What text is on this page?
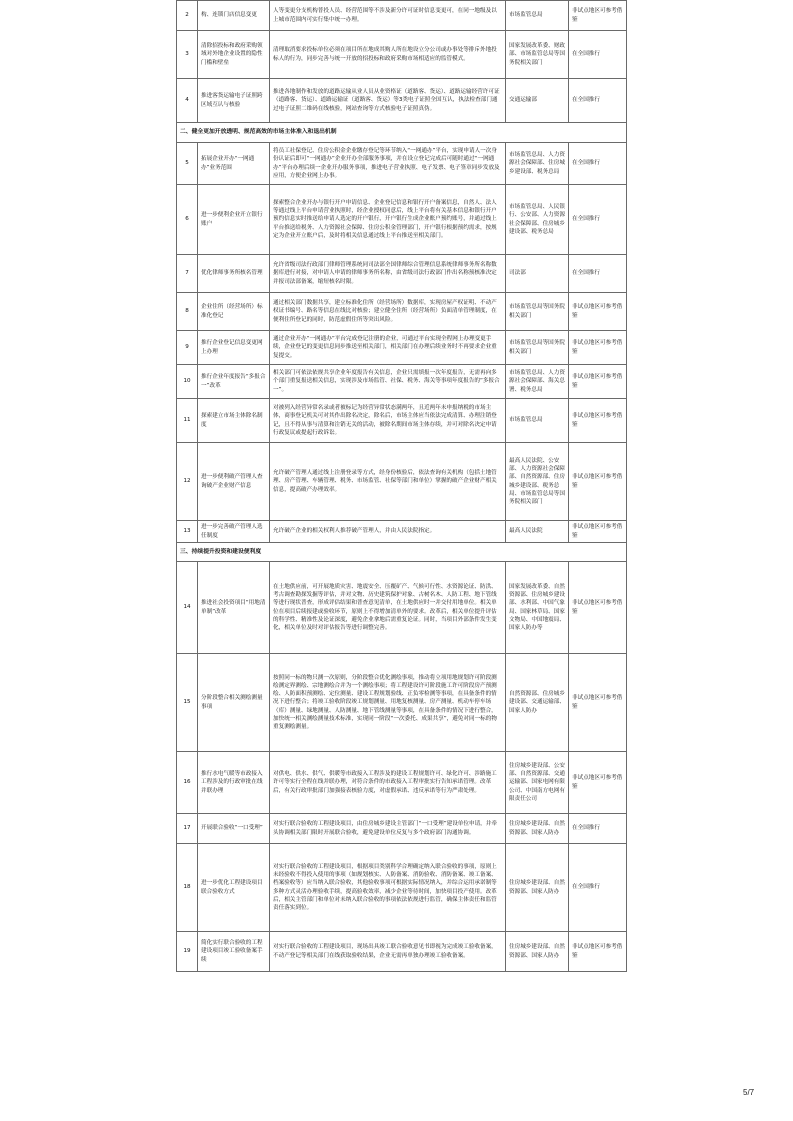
2	构、连锁门店信息变更	人等变更分支机构普投人员、经营范围等不涉及新分许可证时信息变更可，在同一地级及以上城市范围内可实行集中统一办理。	市场监管总局	非试点地区可参考借鉴
3	清除招投标和政府采购领域对外地企业设置的隐性门槛和壁垒	清理取消要求投标单位必须在项目所在地成其购人所在地设立分公司或办事处等排斥外地投标人的行为，同步完善与统一开放的招投标和政府采购市场相适应的监管模式。	国家发展改革委、财政部、市场监管总局等国务院相关部门	在全国推行
4	推进客货运输电子证照跨区域互认与核验	推进各地制作和发放的道路运输从业人员从业资格证（道路客、货运）、道路运输经营许可证（道路客、货运）、道路运输证（道路客、货运）等3类电子证照全国互认，执法检查部门通过电子证照二维码在线核验，网站查询等方式核验电子证照真伪。	交通运输部	在全国推行
二、健全更加开放透明、规范高效的市场主体准入和退出机制				
5	拓展企业开办“一网通办”业务范围	将员工社保登记、住房公积金企业缴存登记等环节纳入“一网通办”平台，实现申请人一次身份认证后即可“一网通办”企业开办全部服务事项，并在设立登记完成后可随时通过“一网通办”平台办理后续一企业开办服务事项，推进电子营业执照、电子发票、电子签章同步发放及应用，方便企业网上办事。	市场监管总局、人力资源社会保障部、住房城乡建设部、税务总局	在全国推行
6	进一步便利企业开立银行账户	探索整合企业开办与银行开户申请信息、企业登记信息和银行开户备案信息，自然人、法人等通过线上平台申请营业执照时，经企业授权同意后，线上平台将有关基本信息和银行开户预约信息实时推送给申请人选定的开户银行，开户银行生成企业账户预约账号，并通过线上平台推送给税务、人力资源社会保障、住房公积金管理部门，开户银行根据预约需求，按规定为企业开立账户后，及时将相关信息通过线上平台推送至相关部门。	市场监管总局、人民银行、公安部、人力资源社会保障部、住房城乡建设部、税务总局	在全国推行
7	优化律师事务所核名管理	允许省级司法行政部门律师管理系统同司法部全国律师综合管理信息系统律师事务所名称数据库进行对接，对申请人申请的律师事务所名称，由省级司法行政部门作出名称预核准决定并报司法部备案，缩短核名时限。	司法部	在全国推行
8	企业住所（经营场所）标准化登记	通过相关部门数据共享，建立标准化住所（经营场所）数据库，实现房屋产权证明、不动产权证书编号、路名等信息在线比对核验；建立健全住所（经营场所）负面清单管理制度，在便利住所登记的同时，防范虚假住所等突出风险。	市场监管总局等国务院相关部门	非试点地区可参考借鉴
9	推行企业登记信息变更网上办理	通过企业开办“一网通办”平台完成登记注册的企业，可通过平台实现全程网上办理变更手续，企业登记的变更信息同步推送至相关部门，相关部门在办理后续业务时不再要求企业重复提交。	市场监管总局等国务院相关部门	非试点地区可参考借鉴
10	推行企业年度报告“多报合一”改革	相关部门可依法依规共享企业年度报告有关信息，企业只需填报一次年度报告，无需再向多个部门重复报送相关信息，实现涉及市场监管、社保、税务、海关等事项年度报告的“多报合一”。	市场监管总局、人力资源社会保障部、海关总署、税务总局	非试点地区可参考借鉴
11	探索建立市场主体除名制度	对被列入经营异常名录或者被标记为经营异常状态满两年，且近两年未申报纳税的市场主体，商事登记机关可对其作出除名决定，除名后，市场主体应当依法完成清算、办理注销登记，且不得从事与清算和注销无关的活动，被除名期间市场主体存续，并可对除名决定申请行政复议或提起行政诉讼。	市场监管总局	非试点地区可参考借鉴
12	进一步便利破产管理人查询破产企业财产信息	允许破产管理人通过线上注册登录等方式，经身份核验后，依法查询有关机构（包括土地管理、房产管理、车辆管理、税务、市场监管、社保等部门和单位）掌握的破产企业财产相关信息，提高破产办理效率。	最高人民法院、公安部、人力资源社会保障部、自然资源部、住房城乡建设部、税务总局、市场监管总局等国务院相关部门	非试点地区可参考借鉴
13	进一步完善破产管理人选任制度	允许破产企业的相关权利人推荐破产管理人，并由人民法院指定。	最高人民法院	非试点地区可参考借鉴
三、持续提升投资和建设便利度				
14	推进社会投资项目“用地清单制”改革	在土地供应前，可开展地质灾害、地震安全、压覆矿产、气候可行性、水资源论证、防洪、考古调查勘探发掘等评估，并对文物、历史建筑保护对象、古树名木、人防工程、地下管线等进行现状普查，形成评估结果和普查意见清单，在土地供应时一并交付用地单位。相关单位在项目后续报建或验收环节，原则上不得增加清单外的要求。改革后，相关单位提升评估的科学性、精准性及论证深度，避免企业拿地后需重复论证。同时，当项目外部条件发生变化，相关单位及时对评估报告等进行调整完善。	国家发展改革委、自然资源部、住房城乡建设部、水利部、中国气象局、国家林草局、国家文物局、中国地震局、国家人防办等	非试点地区可参考借鉴
15	分阶段整合相关测绘测量事项	按照同一标的物只测一次原则，分阶段整合优化测绘事项，推动将立项用地规划许可阶段测绘测定界测绘、宗地测绘合并为一个测绘事项；将工程建设许可阶段施工许可阶段房产预测绘、人防面积预测绘、定位测量、建设工程规划验线、正负零检测等事项，在具备条件的情况下进行整合；将竣工验收阶段竣工规划测量、用地复核测量、房产测量、机动车停车场（库）测量、绿地测量、人防测量、地下管线测量等事项，在具备条件的情况下进行整合，加快统一相关测绘测量技术标准，实现同一阶段“一次委托、成果共享”，避免对同一标的物重复测绘测量。	自然资源部、住房城乡建设部、交通运输部、国家人防办	非试点地区可参考借鉴
16	推行水电气暖等市政接入工程涉及的行政审批在线并联办理	对供电、供水、供气、供暖等市政接入工程涉及的建设工程规划许可、绿化许可、涉路施工许可等实行全程在线并联办理，对符合条件的市政接入工程审批实行告知承诺管理。改革后，有关行政审批部门加强接表核验力度，对虚假承诺、违反承诺等行为严肃处理。	住房城乡建设部、公安部、自然资源部、交通运输部、国家电网有限公司、中国南方电网有限责任公司	非试点地区可参考借鉴
17	开展联合验收“一口受理”	对实行联合验收的工程建设项目，由住房城乡建设主管部门“一口受理”建设单位申请，并牵头协调相关部门限时开展联合验收，避免建设单位反复与多个政府部门沟通协调。	住房城乡建设部、自然资源部、国家人防办	在全国推行
18	进一步优化工程建设项目联合验收方式	对实行联合验收的工程建设项目，根据项目类别科学合理确定纳入联合验收的事项，原则上未经验收不得投入使用的事项（如规划核实、人防备案、消防验收、消防备案、竣工备案、档案验收等）应当纳入联合验收，其他验收事项可根据实际情况纳入，并综合运用承诺制等多种方式灵活办理验收手续，提高验收效率，减少企业等待时间，加快项目投产使用。改革后，相关主管部门和单位对未纳入联合验收的事项依法依规进行监管，确保主体责任和监管责任落实到位。	住房城乡建设部、自然资源部、国家人防办	在全国推行
19	简化实行联合验收的工程建设项目竣工验收备案手续	对实行联合验收的工程建设项目，现场出具竣工联合验收意见书即视为完成竣工验收备案，不动产登记等相关部门在线获取验收结果，企业无需再单独办理竣工验收备案。	住房城乡建设部、自然资源部、国家人防办	非试点地区可参考借鉴
5/7
